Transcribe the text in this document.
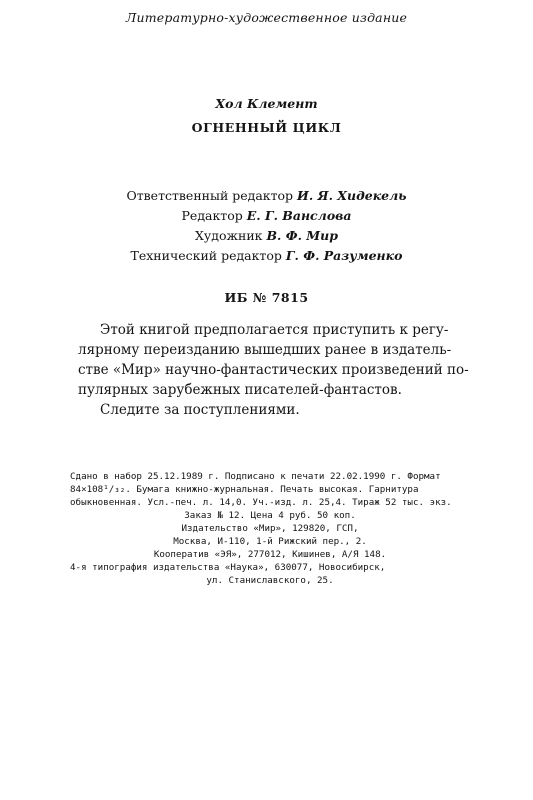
Литературно-художественное издание
Хол Клемент
ОГНЕННЫЙ ЦИКЛ
Ответственный редактор И. Я. Хидекель
Редактор Е. Г. Ванслова
Художник В. Ф. Мир
Технический редактор Г. Ф. Разуменко
ИБ № 7815
Этой книгой предполагается приступить к регу-
лярному переизданию вышедших ранее в издатель-
стве «Мир» научно-фантастических произведений по-
пулярных зарубежных писателей-фантастов.
Следите за поступлениями.
Сдано в набор 25.12.1989 г. Подписано к печати 22.02.1990 г. Формат
84×108¹/₃₂. Бумага книжно-журнальная. Печать высокая. Гарнитура
обыкновенная. Усл.-печ. л. 14,0. Уч.-изд. л. 25,4. Тираж 52 тыс. экз.
Заказ № 12. Цена 4 руб. 50 коп.
Издательство «Мир», 129820, ГСП,
Москва, И-110, 1-й Рижский пер., 2.
Кооператив «ЭЯ», 277012, Кишинев, А/Я 148.
4-я типография издательства «Наука», 630077, Новосибирск,
ул. Станиславского, 25.
